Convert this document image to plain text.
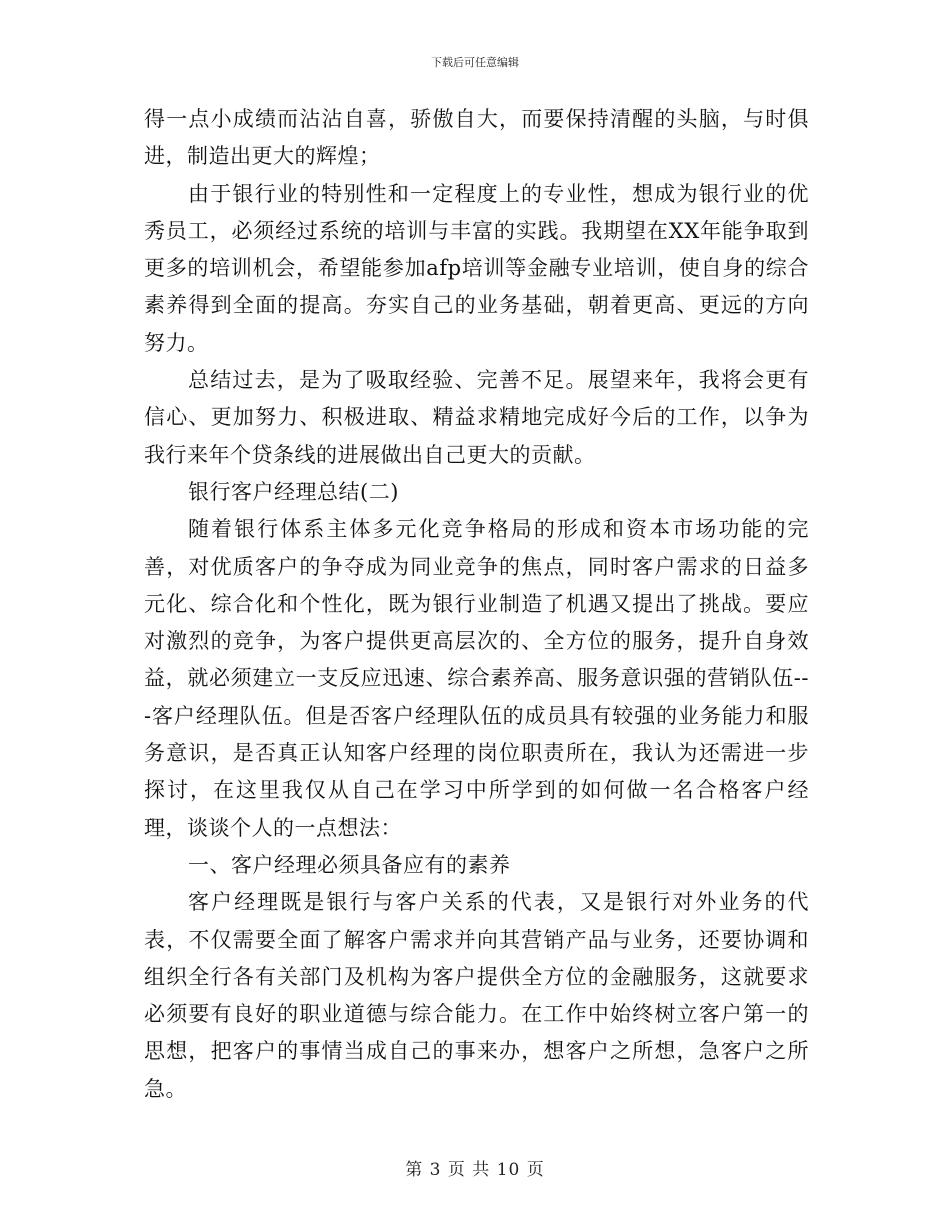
下载后可任意编辑

得一点小成绩而沾沾自喜，骄傲自大，而要保持清醒的头脑，与时俱进，制造出更大的辉煌；

由于银行业的特别性和一定程度上的专业性，想成为银行业的优秀员工，必须经过系统的培训与丰富的实践。我期望在XX年能争取到更多的培训机会，希望能参加afp培训等金融专业培训，使自身的综合素养得到全面的提高。夯实自己的业务基础，朝着更高、更远的方向努力。

总结过去，是为了吸取经验、完善不足。展望来年，我将会更有信心、更加努力、积极进取、精益求精地完成好今后的工作，以争为我行来年个贷条线的进展做出自己更大的贡献。

银行客户经理总结(二)

随着银行体系主体多元化竞争格局的形成和资本市场功能的完善，对优质客户的争夺成为同业竞争的焦点，同时客户需求的日益多元化、综合化和个性化，既为银行业制造了机遇又提出了挑战。要应对激烈的竞争，为客户提供更高层次的、全方位的服务，提升自身效益，就必须建立一支反应迅速、综合素养高、服务意识强的营销队伍---客户经理队伍。但是否客户经理队伍的成员具有较强的业务能力和服务意识，是否真正认知客户经理的岗位职责所在，我认为还需进一步探讨，在这里我仅从自己在学习中所学到的如何做一名合格客户经理，谈谈个人的一点想法：

一、客户经理必须具备应有的素养

客户经理既是银行与客户关系的代表，又是银行对外业务的代表，不仅需要全面了解客户需求并向其营销产品与业务，还要协调和组织全行各有关部门及机构为客户提供全方位的金融服务，这就要求必须要有良好的职业道德与综合能力。在工作中始终树立客户第一的思想，把客户的事情当成自己的事来办，想客户之所想，急客户之所急。

第 3 页 共 10 页
